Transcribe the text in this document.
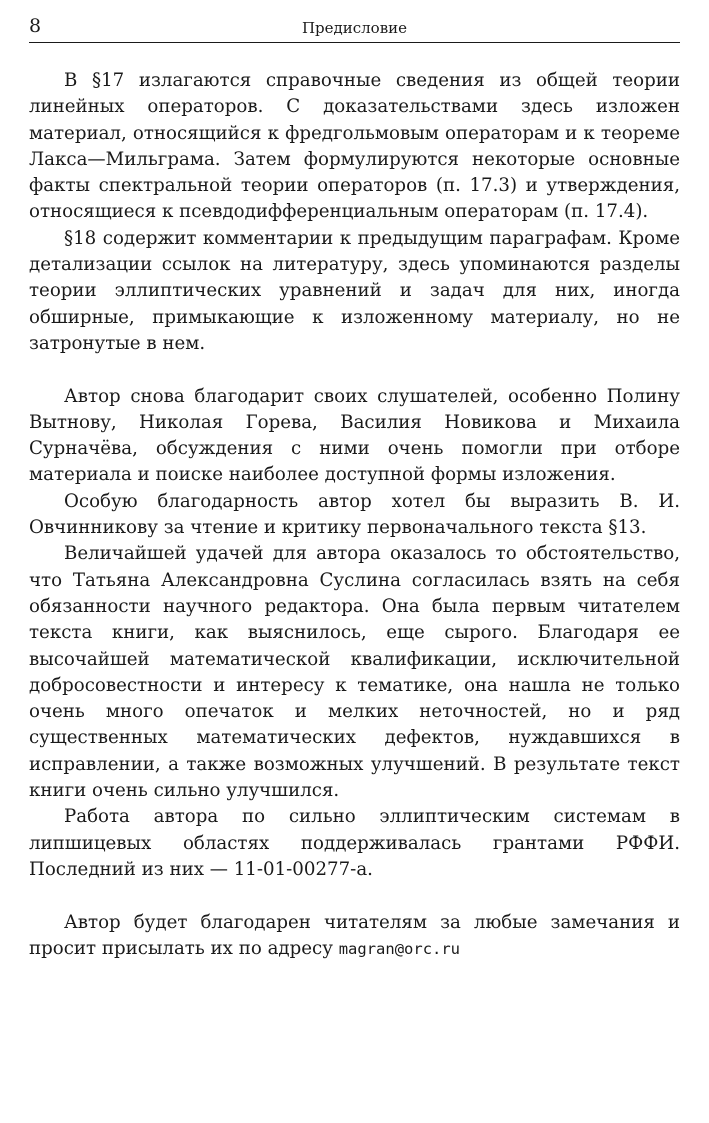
8	Предисловие

В §17 излагаются справочные сведения из общей теории линейных операторов. С доказательствами здесь изложен материал, относящийся к фредгольмовым операторам и к теореме Лакса—Мильграма. Затем формулируются некоторые основные факты спектральной теории операторов (п. 17.3) и утверждения, относящиеся к псевдодифференциальным операторам (п. 17.4).

§18 содержит комментарии к предыдущим параграфам. Кроме детализации ссылок на литературу, здесь упоминаются разделы теории эллиптических уравнений и задач для них, иногда обширные, примыкающие к изложенному материалу, но не затронутые в нем.

Автор снова благодарит своих слушателей, особенно Полину Вытнову, Николая Горева, Василия Новикова и Михаила Сурначёва, обсуждения с ними очень помогли при отборе материала и поиске наиболее доступной формы изложения.

Особую благодарность автор хотел бы выразить В. И. Овчинникову за чтение и критику первоначального текста §13.

Величайшей удачей для автора оказалось то обстоятельство, что Татьяна Александровна Суслина согласилась взять на себя обязанности научного редактора. Она была первым читателем текста книги, как выяснилось, еще сырого. Благодаря ее высочайшей математической квалификации, исключительной добросовестности и интересу к тематике, она нашла не только очень много опечаток и мелких неточностей, но и ряд существенных математических дефектов, нуждавшихся в исправлении, а также возможных улучшений. В результате текст книги очень сильно улучшился.

Работа автора по сильно эллиптическим системам в липшицевых областях поддерживалась грантами РФФИ. Последний из них — 11-01-00277-а.

Автор будет благодарен читателям за любые замечания и просит присылать их по адресу magran@orc.ru
